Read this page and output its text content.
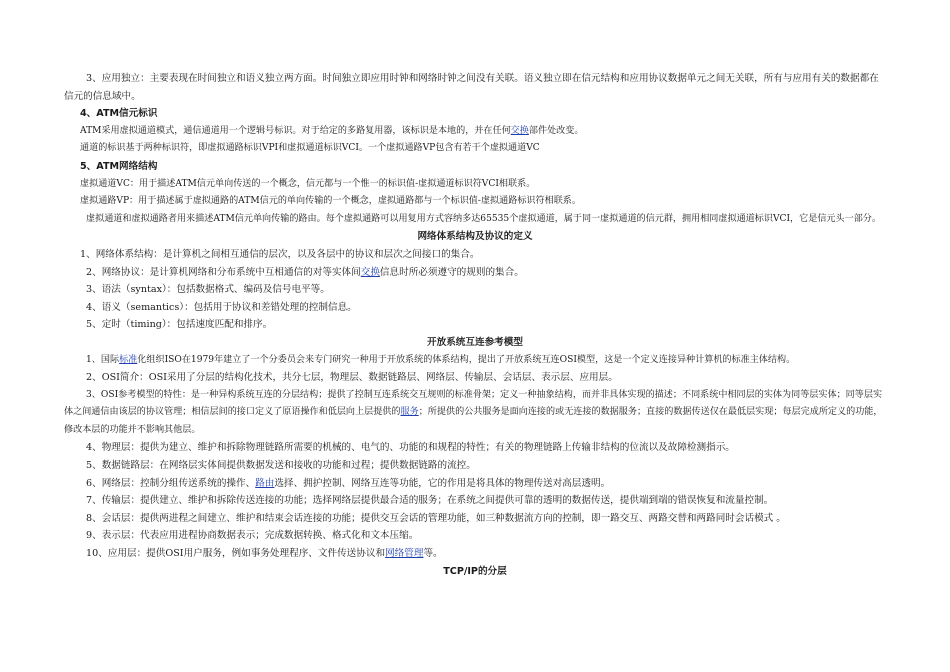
3、应用独立：主要表现在时间独立和语义独立两方面。时间独立即应用时钟和网络时钟之间没有关联。语义独立即在信元结构和应用协议数据单元之间无关联，所有与应用有关的数据都在信元的信息域中。

4、ATM信元标识

ATM采用虚拟通道模式，通信通道用一个逻辑号标识。对于给定的多路复用器，该标识是本地的，并在任何交换部件处改变。

通道的标识基于两种标识符，即虚拟通路标识VPI和虚拟通道标识VCI。一个虚拟通路VP包含有若干个虚拟通道VC

5、ATM网络结构

虚拟通道VC：用于描述ATM信元单向传送的一个概念，信元都与一个惟一的标识值-虚拟通道标识符VCI相联系。

虚拟通路VP：用于描述属于虚拟通路的ATM信元的单向传输的一个概念，虚拟通路都与一个标识值-虚拟通路标识符相联系。

虚拟通道和虚拟通路者用来描述ATM信元单向传输的路由。每个虚拟通路可以用复用方式容纳多达65535个虚拟通道，属于同一虚拟通道的信元群，拥用相同虚拟通道标识VCI，它是信元头一部分。

网络体系结构及协议的定义

1、网络体系结构：是计算机之间相互通信的层次，以及各层中的协议和层次之间接口的集合。

2、网络协议：是计算机网络和分布系统中互相通信的对等实体间交换信息时所必须遵守的规则的集合。

3、语法（syntax）：包括数据格式、编码及信号电平等。

4、语义（semantics）：包括用于协议和差错处理的控制信息。

5、定时（timing）：包括速度匹配和排序。

开放系统互连参考模型

1、国际标准化组织ISO在1979年建立了一个分委员会来专门研究一种用于开放系统的体系结构，提出了开放系统互连OSI模型，这是一个定义连接异种计算机的标准主体结构。

2、OSI简介：OSI采用了分层的结构化技术，共分七层，物理层、数据链路层、网络层、传输层、会话层、表示层、应用层。

3、OSI参考模型的特性：是一种异构系统互连的分层结构；提供了控制互连系统交互规则的标准骨架；定义一种抽象结构，而并非具体实现的描述；不同系统中相同层的实体为同等层实体；同等层实体之间通信由该层的协议管理；相信层间的接口定义了原语操作和低层向上层提供的服务；所提供的公共服务是面向连接的或无连接的数据服务；直接的数据传送仅在最低层实现；每层完成所定义的功能，修改本层的功能并不影响其他层。

4、物理层：提供为建立、维护和拆除物理链路所需要的机械的、电气的、功能的和规程的特性；有关的物理链路上传输非结构的位流以及故障检测指示。

5、数据链路层：在网络层实体间提供数据发送和接收的功能和过程；提供数据链路的流控。

6、网络层：控制分组传送系统的操作、路由选择、拥护控制、网络互连等功能，它的作用是将具体的物理传送对高层透明。

7、传输层：提供建立、维护和拆除传送连接的功能；选择网络层提供最合适的服务；在系统之间提供可靠的透明的数据传送，提供端到端的错误恢复和流量控制。

8、会话层：提供两进程之间建立、维护和结束会话连接的功能；提供交互会话的管理功能，如三种数据流方向的控制，即一路交互、两路交替和两路同时会话模式 。

9、表示层：代表应用进程协商数据表示；完成数据转换、格式化和文本压缩。

10、应用层：提供OSI用户服务，例如事务处理程序、文件传送协议和网络管理等。

TCP/IP的分层
